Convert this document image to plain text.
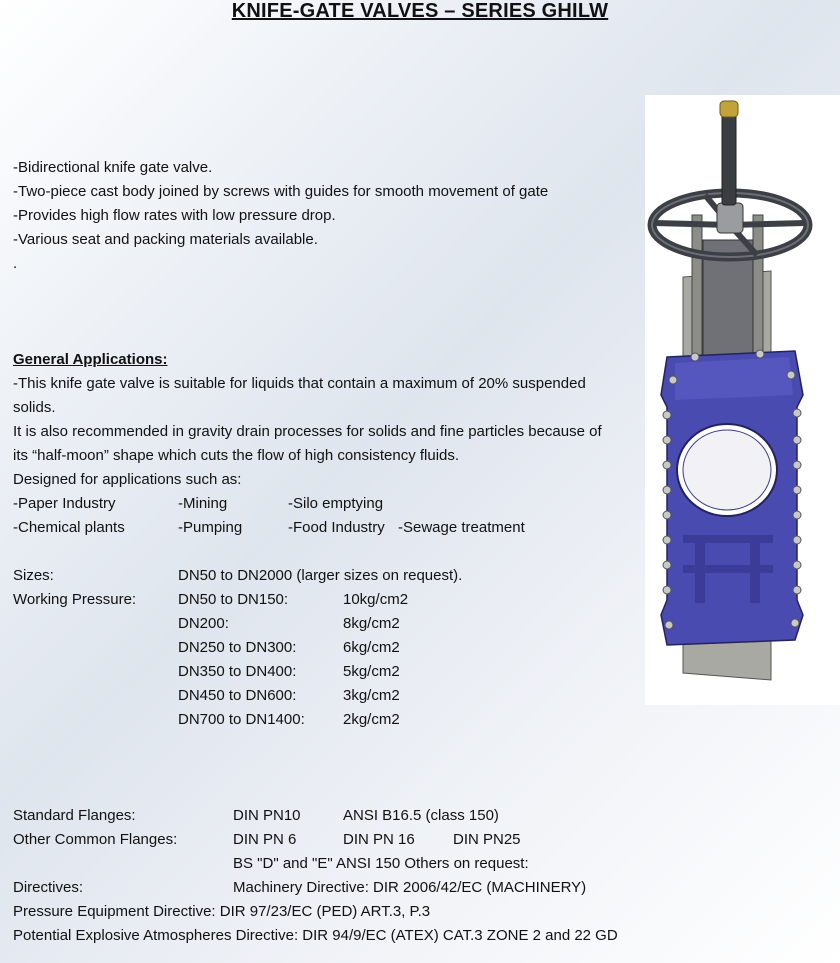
KNIFE-GATE VALVES – SERIES GHILW
-Bidirectional knife gate valve.
-Two-piece cast body joined by screws with guides for smooth movement of gate
-Provides high flow rates with low pressure drop.
-Various seat and packing materials available.
.
General Applications:
-This knife gate valve is suitable for liquids that contain a maximum of 20% suspended
solids.
It is also recommended in gravity drain processes for solids and fine particles because of
its “half-moon” shape which cuts the flow of high consistency fluids.
Designed for applications such as:
-Paper Industry	-Mining	-Silo emptying
-Chemical plants	-Pumping	-Food Industry -Sewage treatment
Sizes:	DN50 to DN2000 (larger sizes on request).
Working Pressure:	DN50 to DN150:	10kg/cm2
DN200:	8kg/cm2
DN250 to DN300:	6kg/cm2
DN350 to DN400:	5kg/cm2
DN450 to DN600:	3kg/cm2
DN700 to DN1400:	2kg/cm2
Standard Flanges:	DIN PN10	ANSI B16.5 (class 150)
Other Common Flanges:	DIN PN 6	DIN PN 16	DIN PN25
BS "D" and "E" ANSI 150 Others on request:
Directives:	Machinery Directive: DIR 2006/42/EC (MACHINERY)
Pressure Equipment Directive: DIR 97/23/EC (PED) ART.3, P.3
Potential Explosive Atmospheres Directive: DIR 94/9/EC (ATEX) CAT.3 ZONE 2 and 22 GD
